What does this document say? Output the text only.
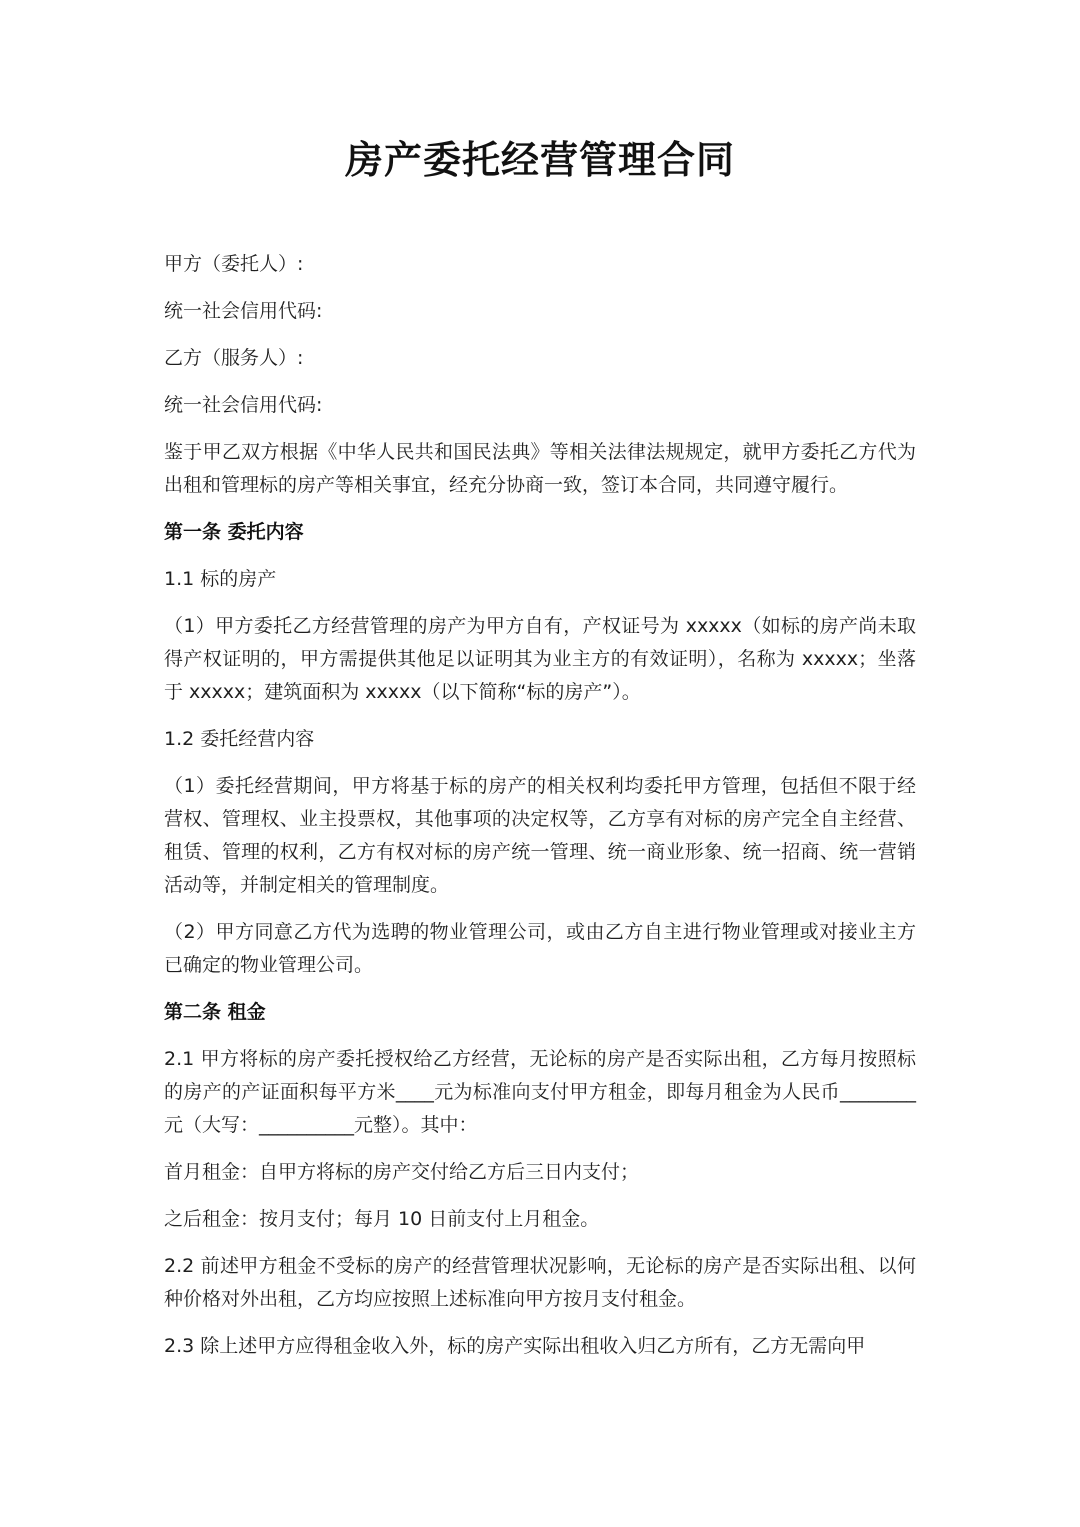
房产委托经营管理合同

甲方（委托人）:

统一社会信用代码:

乙方（服务人）:

统一社会信用代码:

鉴于甲乙双方根据《中华人民共和国民法典》等相关法律法规规定，就甲方委托乙方代为出租和管理标的房产等相关事宜，经充分协商一致，签订本合同，共同遵守履行。

第一条 委托内容

1.1 标的房产

（1）甲方委托乙方经营管理的房产为甲方自有，产权证号为 xxxxx（如标的房产尚未取得产权证明的，甲方需提供其他足以证明其为业主方的有效证明），名称为 xxxxx；坐落于 xxxxx；建筑面积为 xxxxx（以下简称“标的房产”）。

1.2 委托经营内容

（1）委托经营期间，甲方将基于标的房产的相关权利均委托甲方管理，包括但不限于经营权、管理权、业主投票权，其他事项的决定权等，乙方享有对标的房产完全自主经营、租赁、管理的权利，乙方有权对标的房产统一管理、统一商业形象、统一招商、统一营销活动等，并制定相关的管理制度。

（2）甲方同意乙方代为选聘的物业管理公司，或由乙方自主进行物业管理或对接业主方已确定的物业管理公司。

第二条 租金

2.1 甲方将标的房产委托授权给乙方经营，无论标的房产是否实际出租，乙方每月按照标的房产的产证面积每平方米____元为标准向支付甲方租金，即每月租金为人民币________元（大写：__________元整）。其中：

首月租金：自甲方将标的房产交付给乙方后三日内支付；

之后租金：按月支付；每月 10 日前支付上月租金。

2.2 前述甲方租金不受标的房产的经营管理状况影响，无论标的房产是否实际出租、以何种价格对外出租，乙方均应按照上述标准向甲方按月支付租金。

2.3 除上述甲方应得租金收入外，标的房产实际出租收入归乙方所有，乙方无需向甲
